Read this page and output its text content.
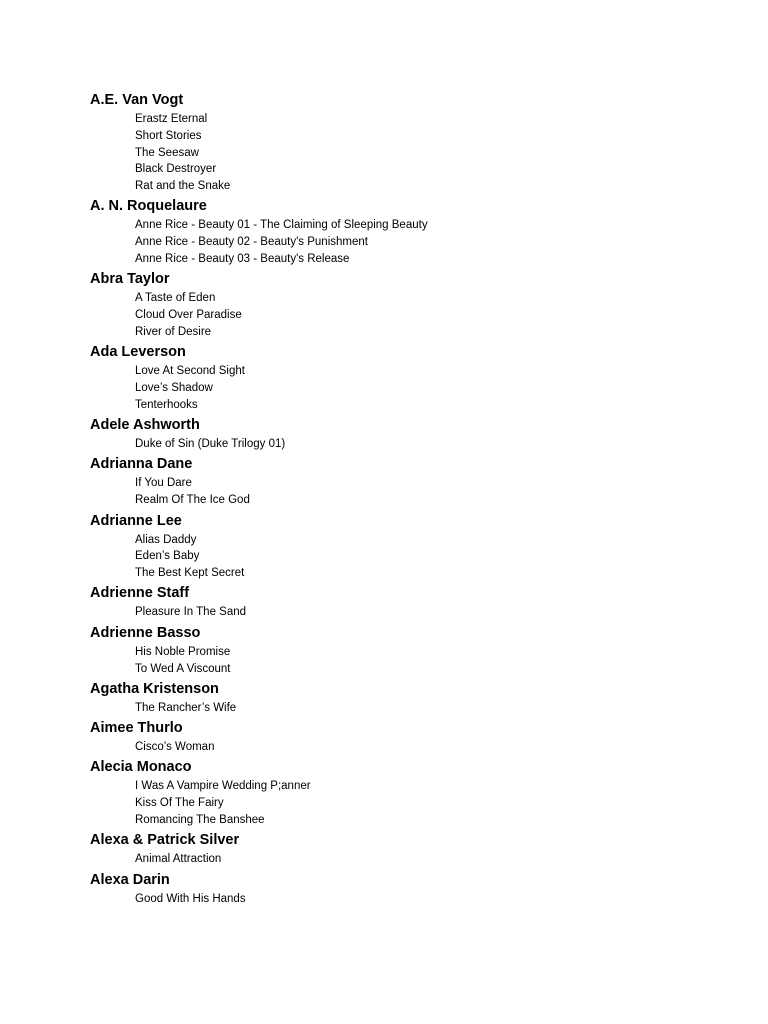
A.E. Van Vogt
Erastz Eternal
Short Stories
The Seesaw
Black Destroyer
Rat and the Snake
A. N. Roquelaure
Anne Rice - Beauty 01 - The Claiming of Sleeping Beauty
Anne Rice - Beauty 02 - Beauty's Punishment
Anne Rice - Beauty 03 - Beauty's Release
Abra Taylor
A Taste of Eden
Cloud Over Paradise
River of Desire
Ada Leverson
Love At Second Sight
Love’s Shadow
Tenterhooks
Adele Ashworth
Duke of Sin (Duke Trilogy 01)
Adrianna Dane
If You Dare
Realm Of The Ice God
Adrianne Lee
Alias Daddy
Eden’s Baby
The Best Kept Secret
Adrienne Staff
Pleasure In The Sand
Adrienne Basso
His Noble Promise
To Wed A Viscount
Agatha Kristenson
The Rancher’s Wife
Aimee Thurlo
Cisco’s Woman
Alecia Monaco
I Was A Vampire Wedding P;anner
Kiss Of The Fairy
Romancing The Banshee
Alexa & Patrick Silver
Animal Attraction
Alexa Darin
Good With His Hands
